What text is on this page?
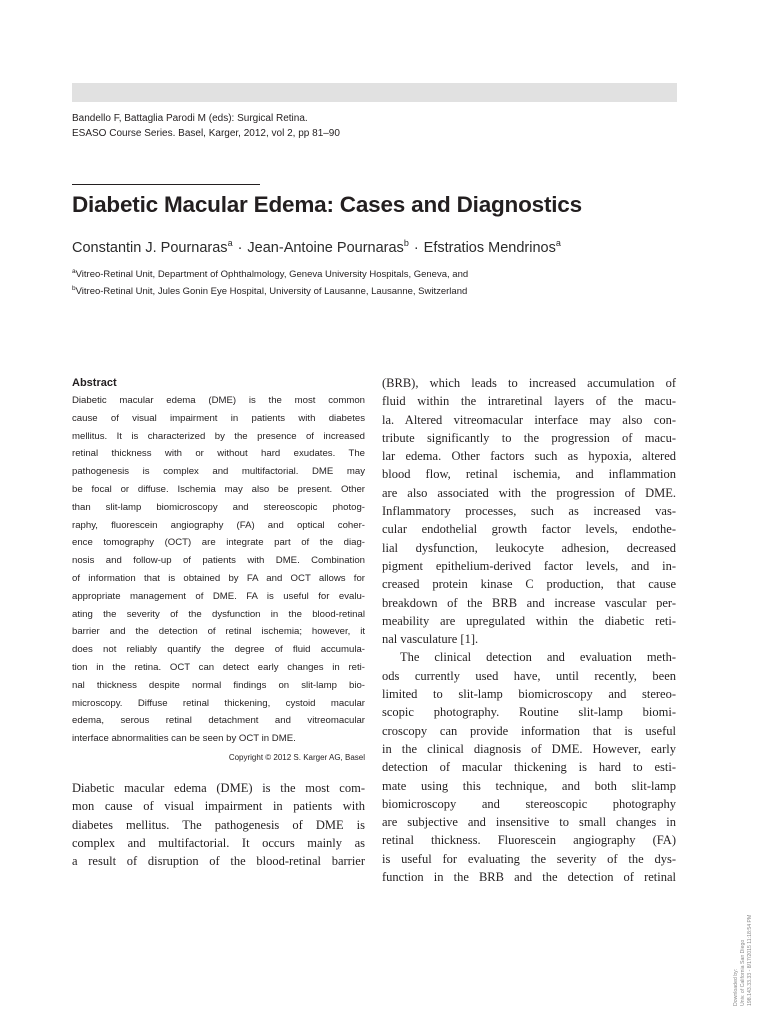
Bandello F, Battaglia Parodi M (eds): Surgical Retina.
ESASO Course Series. Basel, Karger, 2012, vol 2, pp 81–90
Diabetic Macular Edema: Cases and Diagnostics
Constantin J. Pournaras$^a$ · Jean-Antoine Pournaras$^b$ · Efstratios Mendrinos$^a$
$^a$Vitreo-Retinal Unit, Department of Ophthalmology, Geneva University Hospitals, Geneva, and
$^b$Vitreo-Retinal Unit, Jules Gonin Eye Hospital, University of Lausanne, Lausanne, Switzerland
Abstract
Diabetic macular edema (DME) is the most common
cause of visual impairment in patients with diabetes
mellitus. It is characterized by the presence of increased
retinal thickness with or without hard exudates. The
pathogenesis is complex and multifactorial. DME may
be focal or diffuse. Ischemia may also be present. Other
than slit-lamp biomicroscopy and stereoscopic photog-
raphy, fluorescein angiography (FA) and optical coher-
ence tomography (OCT) are integrate part of the diag-
nosis and follow-up of patients with DME. Combination
of information that is obtained by FA and OCT allows for
appropriate management of DME. FA is useful for evalu-
ating the severity of the dysfunction in the blood-retinal
barrier and the detection of retinal ischemia; however, it
does not reliably quantify the degree of fluid accumula-
tion in the retina. OCT can detect early changes in reti-
nal thickness despite normal findings on slit-lamp bio-
microscopy. Diffuse retinal thickening, cystoid macular
edema, serous retinal detachment and vitreomacular
interface abnormalities can be seen by OCT in DME.
Copyright © 2012 S. Karger AG, Basel
Diabetic macular edema (DME) is the most com-
mon cause of visual impairment in patients with
diabetes mellitus. The pathogenesis of DME is
complex and multifactorial. It occurs mainly as
a result of disruption of the blood-retinal barrier
(BRB), which leads to increased accumulation of
fluid within the intraretinal layers of the macu-
la. Altered vitreomacular interface may also con-
tribute significantly to the progression of macu-
lar edema. Other factors such as hypoxia, altered
blood flow, retinal ischemia, and inflammation
are also associated with the progression of DME.
Inflammatory processes, such as increased vas-
cular endothelial growth factor levels, endothe-
lial dysfunction, leukocyte adhesion, decreased
pigment epithelium-derived factor levels, and in-
creased protein kinase C production, that cause
breakdown of the BRB and increase vascular per-
meability are upregulated within the diabetic reti-
nal vasculature [1].
The clinical detection and evaluation meth-
ods currently used have, until recently, been
limited to slit-lamp biomicroscopy and stereo-
scopic photography. Routine slit-lamp biomi-
croscopy can provide information that is useful
in the clinical diagnosis of DME. However, early
detection of macular thickening is hard to esti-
mate using this technique, and both slit-lamp
biomicroscopy and stereoscopic photography
are subjective and insensitive to small changes in
retinal thickness. Fluorescein angiography (FA)
is useful for evaluating the severity of the dys-
function in the BRB and the detection of retinal
Downloaded by: Univ. of California San Diego 198.143.33.33 - 8/17/2015 11:18:54 PM
